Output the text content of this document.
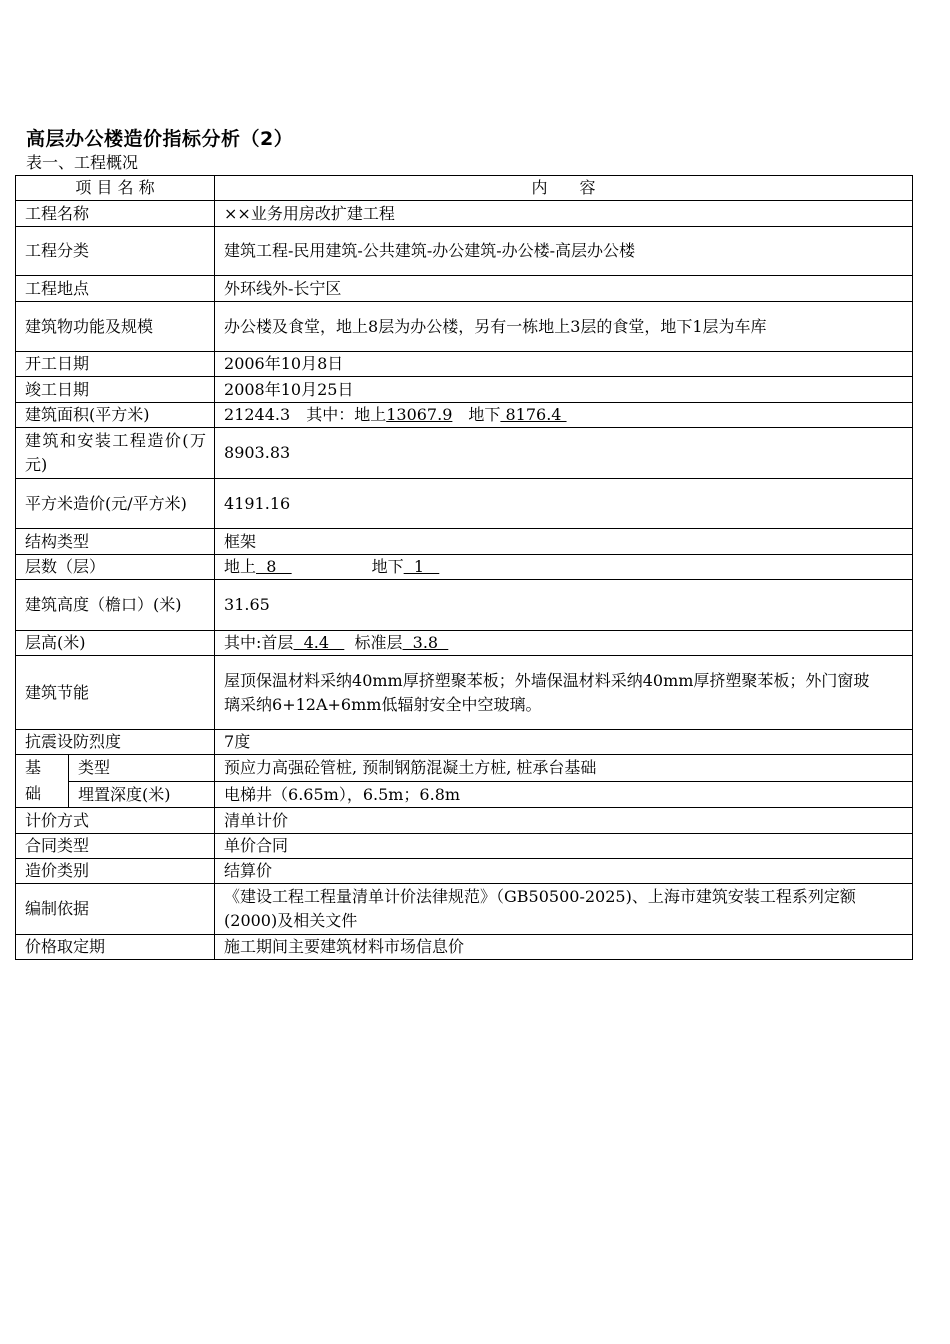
高层办公楼造价指标分析（2）
表一、工程概况
项 目 名 称		内　　容
工程名称		××业务用房改扩建工程
工程分类		建筑工程-民用建筑-公共建筑-办公建筑-办公楼-高层办公楼
工程地点		外环线外-长宁区
建筑物功能及规模		办公楼及食堂，地上8层为办公楼，另有一栋地上3层的食堂，地下1层为车库
开工日期		2006年10月8日
竣工日期		2008年10月25日
建筑面积(平方米)		21244.3　其中：地上13067.9　地下 8176.4
建筑和安装工程造价(万元)		8903.83
平方米造价(元/平方米)		4191.16
结构类型		框架
层数（层）		地上  8   　　　　　地下  1
建筑高度（檐口）(米)		31.65
层高(米)		其中:首层  4.4     标准层  3.8
建筑节能		屋顶保温材料采纳40mm厚挤塑聚苯板；外墙保温材料采纳40mm厚挤塑聚苯板；外门窗玻璃采纳6+12A+6mm低辐射安全中空玻璃。
抗震设防烈度		7度
基础	类型	预应力高强砼管桩, 预制钢筋混凝土方桩, 桩承台基础
	埋置深度(米)	电梯井（6.65m），6.5m；6.8m
计价方式		清单计价
合同类型		单价合同
造价类别		结算价
编制依据		《建设工程工程量清单计价法律规范》（GB50500-2025)、上海市建筑安装工程系列定额(2000)及相关文件
价格取定期		施工期间主要建筑材料市场信息价
